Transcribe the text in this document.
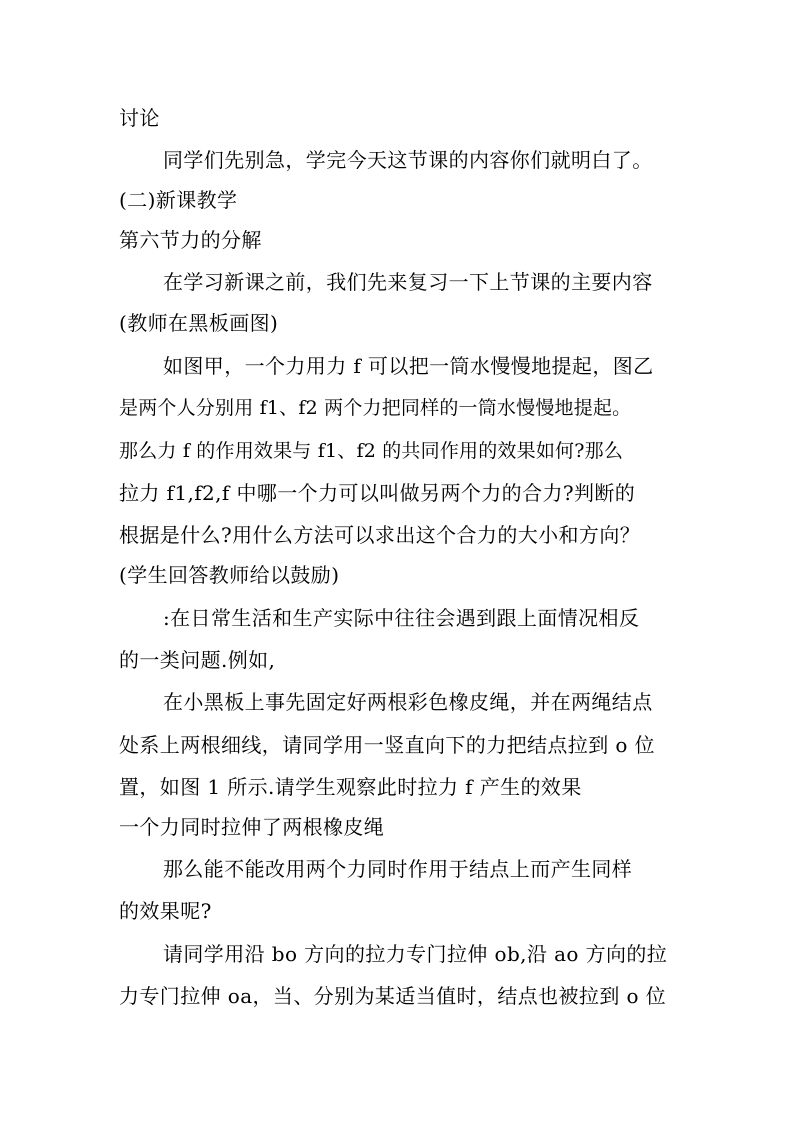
讨论
同学们先别急，学完今天这节课的内容你们就明白了。
(二)新课教学
第六节力的分解
在学习新课之前，我们先来复习一下上节课的主要内容
(教师在黑板画图)
如图甲，一个力用力 f 可以把一筒水慢慢地提起，图乙
是两个人分别用 f1、f2 两个力把同样的一筒水慢慢地提起。
那么力 f 的作用效果与 f1、f2 的共同作用的效果如何?那么
拉力 f1,f2,f 中哪一个力可以叫做另两个力的合力?判断的
根据是什么?用什么方法可以求出这个合力的大小和方向？
(学生回答教师给以鼓励)
:在日常生活和生产实际中往往会遇到跟上面情况相反
的一类问题.例如,
在小黑板上事先固定好两根彩色橡皮绳，并在两绳结点
处系上两根细线，请同学用一竖直向下的力把结点拉到 o 位
置，如图 1 所示.请学生观察此时拉力 f 产生的效果
一个力同时拉伸了两根橡皮绳
那么能不能改用两个力同时作用于结点上而产生同样
的效果呢?
请同学用沿 bo 方向的拉力专门拉伸 ob,沿 ao 方向的拉
力专门拉伸 oa，当、分别为某适当值时，结点也被拉到 o 位
